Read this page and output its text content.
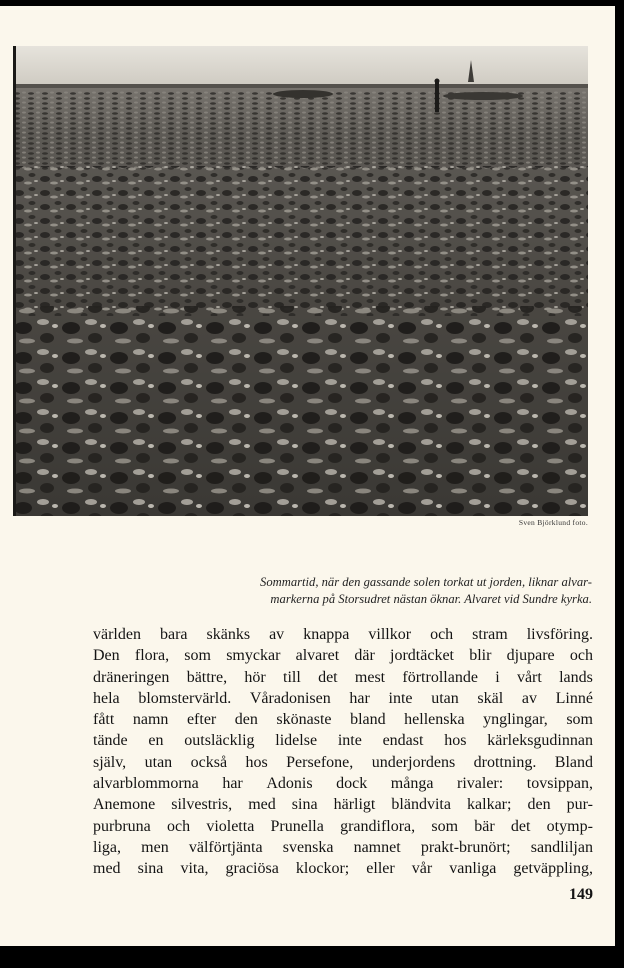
Sven Björklund foto.
Sommartid, när den gassande solen torkat ut jorden, liknar alvar-
markerna på Storsudret nästan öknar. Alvaret vid Sundre kyrka.
världen bara skänks av knappa villkor och stram livsföring.
Den flora, som smyckar alvaret där jordtäcket blir djupare och
dräneringen bättre, hör till det mest förtrollande i vårt lands
hela blomstervärld. Våradonisen har inte utan skäl av Linné
fått namn efter den skönaste bland hellenska ynglingar, som
tände en outsläcklig lidelse inte endast hos kärleksgudinnan
själv, utan också hos Persefone, underjordens drottning. Bland
alvarblommorna har Adonis dock många rivaler: tovsippan,
Anemone silvestris, med sina härligt bländvita kalkar; den pur-
purbruna och violetta Prunella grandiflora, som bär det otymp-
liga, men välförtjänta svenska namnet prakt-brunört; sandliljan
med sina vita, graciösa klockor; eller vår vanliga getväppling,
149
